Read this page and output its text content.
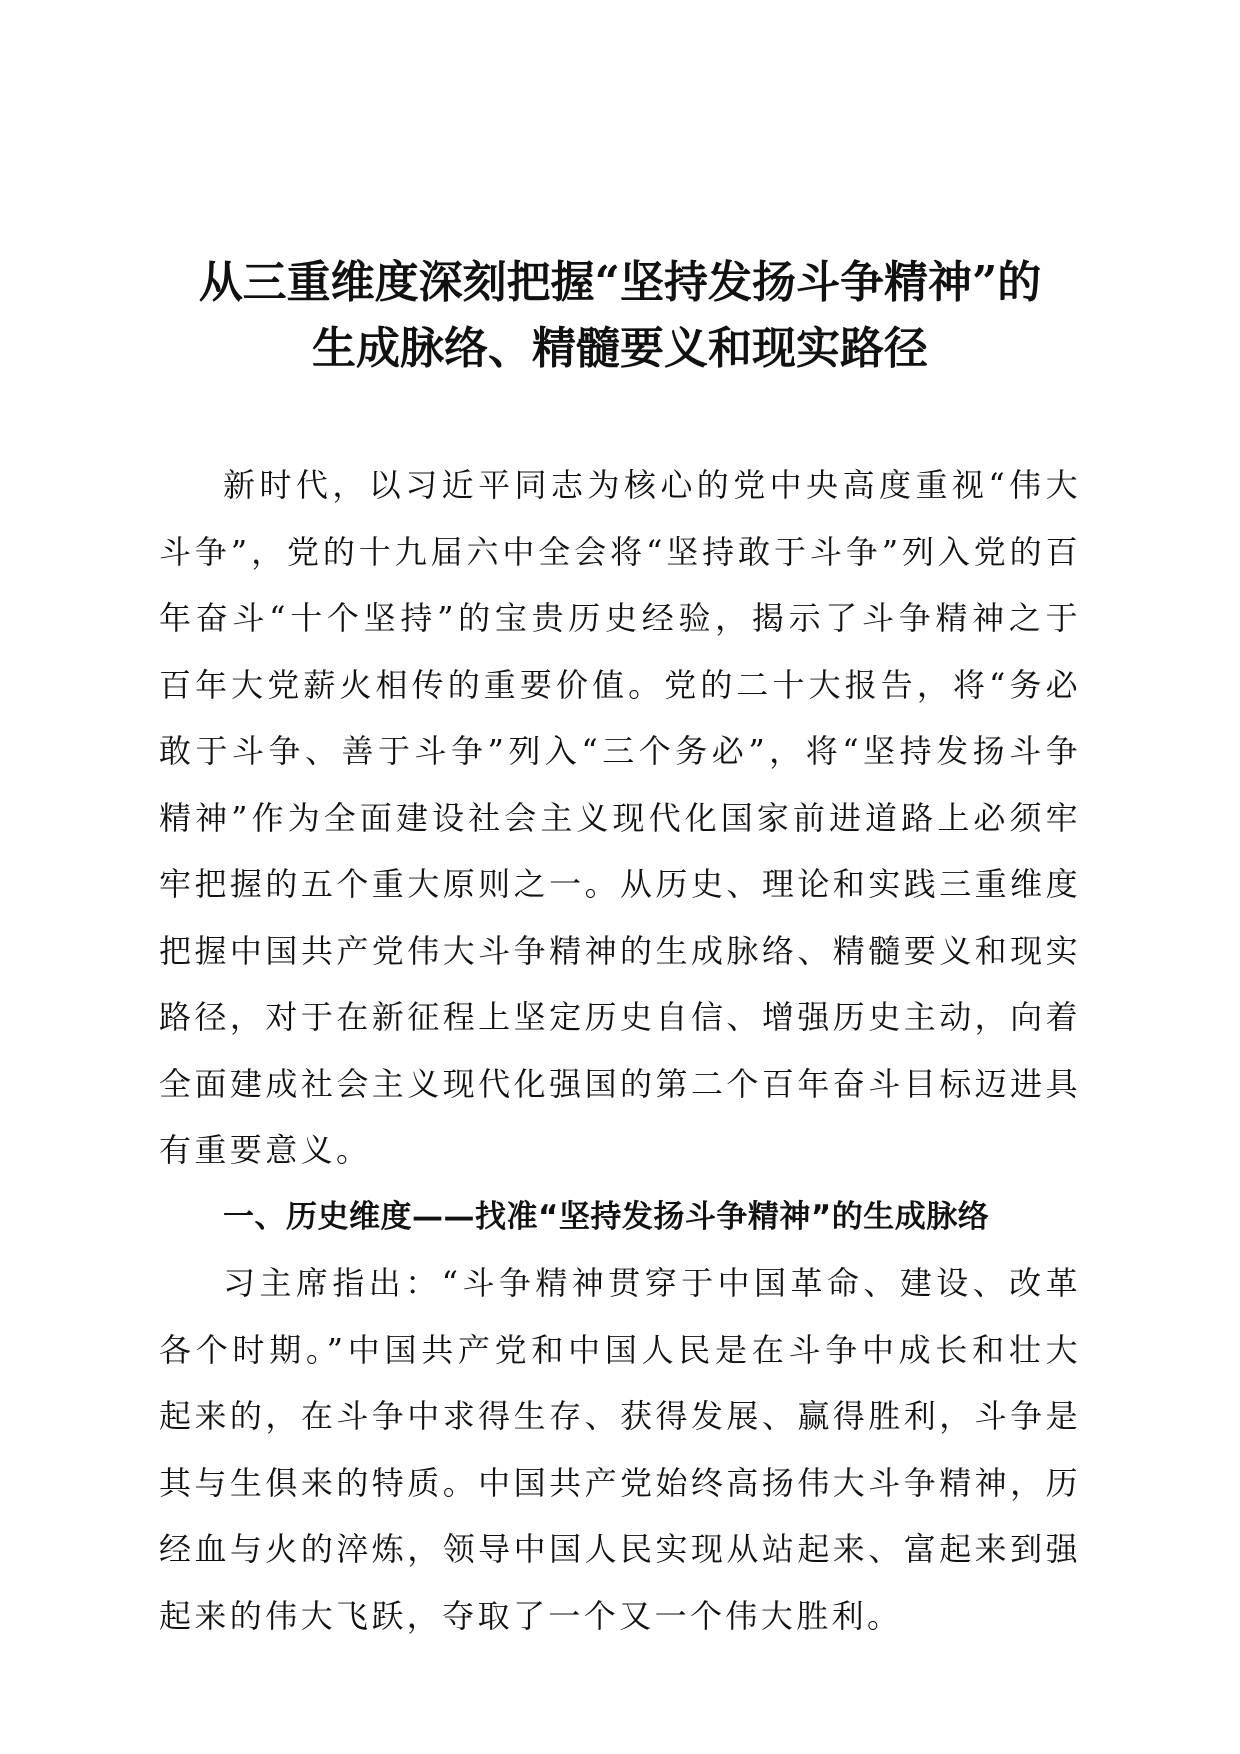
从三重维度深刻把握“坚持发扬斗争精神”的
生成脉络、精髓要义和现实路径

新时代，以习近平同志为核心的党中央高度重视“伟大斗争”，党的十九届六中全会将“坚持敢于斗争”列入党的百年奋斗“十个坚持”的宝贵历史经验，揭示了斗争精神之于百年大党薪火相传的重要价值。党的二十大报告，将“务必敢于斗争、善于斗争”列入“三个务必”，将“坚持发扬斗争精神”作为全面建设社会主义现代化国家前进道路上必须牢牢把握的五个重大原则之一。从历史、理论和实践三重维度把握中国共产党伟大斗争精神的生成脉络、精髓要义和现实路径，对于在新征程上坚定历史自信、增强历史主动，向着全面建成社会主义现代化强国的第二个百年奋斗目标迈进具有重要意义。

一、历史维度——找准“坚持发扬斗争精神”的生成脉络

习主席指出：“斗争精神贯穿于中国革命、建设、改革各个时期。”中国共产党和中国人民是在斗争中成长和壮大起来的，在斗争中求得生存、获得发展、赢得胜利，斗争是其与生俱来的特质。中国共产党始终高扬伟大斗争精神，历经血与火的淬炼，领导中国人民实现从站起来、富起来到强起来的伟大飞跃，夺取了一个又一个伟大胜利。
